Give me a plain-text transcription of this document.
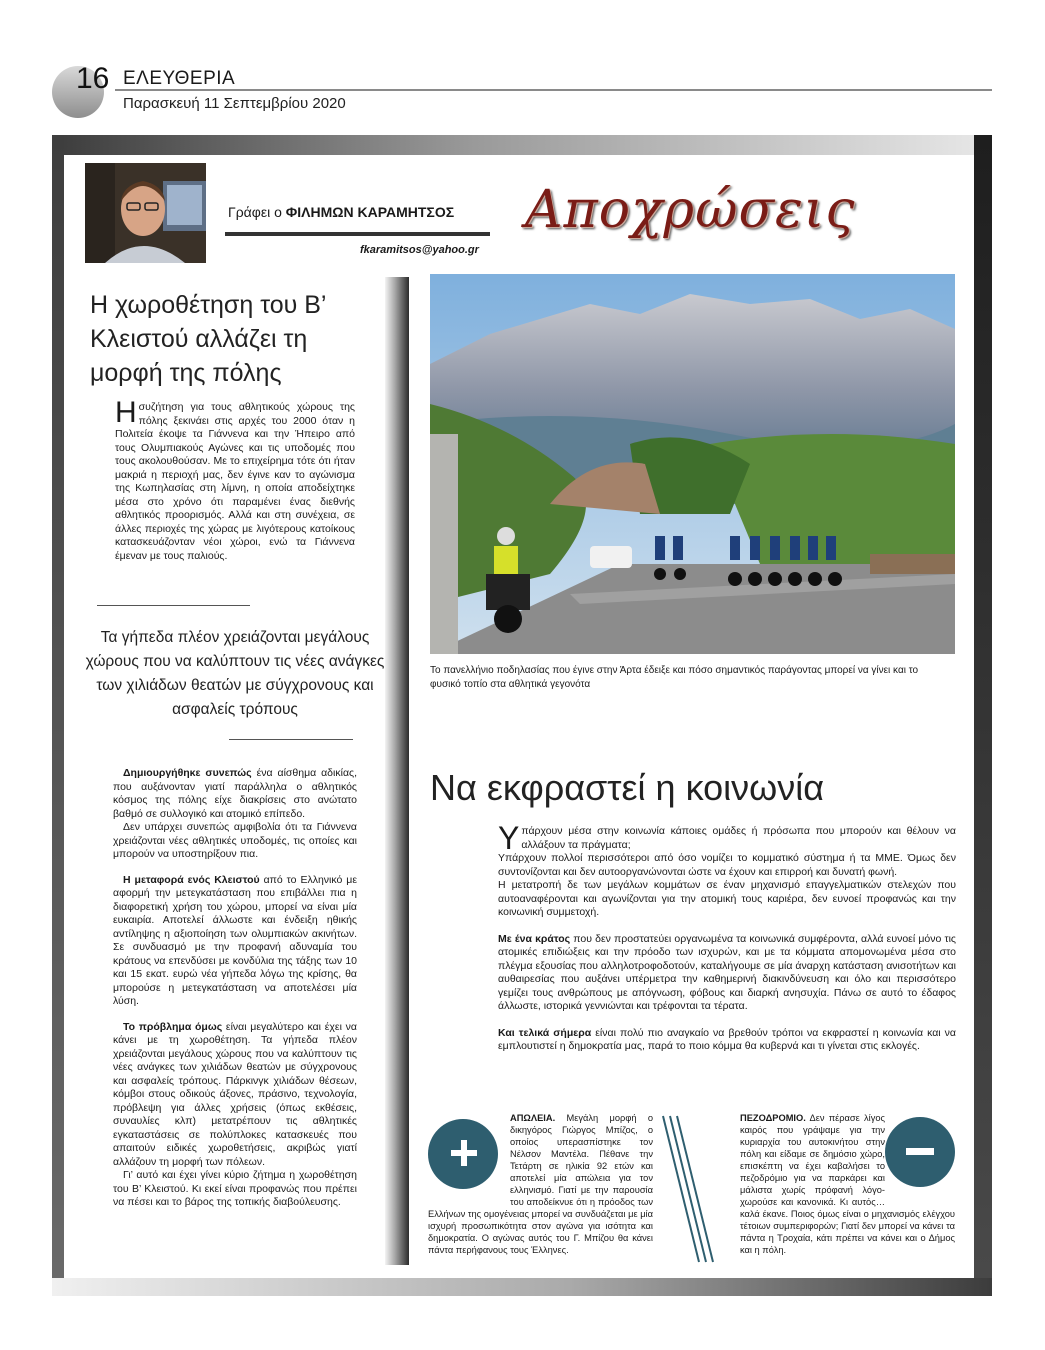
16 ΕΛΕΥΘΕΡΙΑ
Παρασκευή 11 Σεπτεμβρίου 2020
Γράφει ο ΦΙΛΗΜΩΝ ΚΑΡΑΜΗΤΣΟΣ
fkaramitsos@yahoo.gr
Αποχρώσεις
Η χωροθέτηση του Β’ Κλειστού αλλάζει τη μορφή της πόλης
Ησυζήτηση για τους αθλητικούς χώρους της πόλης ξεκινάει στις αρχές του 2000 όταν η Πολιτεία έκοψε τα Γιάννενα και την Ήπειρο από τους Ολυμπιακούς Αγώνες και τις υποδομές που τους ακολουθούσαν. Με το επιχείρημα τότε ότι ήταν μακριά η περιοχή μας, δεν έγινε καν το αγώνισμα της Κωπηλασίας στη λίμνη, η οποία αποδείχτηκε μέσα στο χρόνο ότι παραμένει ένας διεθνής αθλητικός προορισμός. Αλλά και στη συνέχεια, σε άλλες περιοχές της χώρας με λιγότερους κατοίκους κατασκευάζονταν νέοι χώροι, ενώ τα Γιάννενα έμεναν με τους παλιούς.
Τα γήπεδα πλέον χρειάζονται μεγάλους χώρους που να καλύπτουν τις νέες ανάγκες των χιλιάδων θεατών με σύγχρονους και ασφαλείς τρόπους

Δημιουργήθηκε συνεπώς ένα αίσθημα αδικίας, που αυξάνονταν γιατί παράλληλα ο αθλητικός κόσμος της πόλης είχε διακρίσεις στο ανώτατο βαθμό σε συλλογικό και ατομικό επίπεδο.

Δεν υπάρχει συνεπώς αμφιβολία ότι τα Γιάννενα χρειάζονται νέες αθλητικές υποδομές, τις οποίες και μπορούν να υποστηρίξουν πια.

Η μεταφορά ενός Κλειστού από το Ελληνικό με αφορμή την μετεγκατάσταση που επιβάλλει πια η διαφορετική χρήση του χώρου, μπορεί να είναι μία ευκαιρία. Αποτελεί άλλωστε και ένδειξη ηθικής αντίληψης η αξιοποίηση των ολυμπιακών ακινήτων. Σε συνδυασμό με την προφανή αδυναμία του κράτους να επενδύσει με κονδύλια της τάξης των 10 και 15 εκατ. ευρώ νέα γήπεδα λόγω της κρίσης, θα μπορούσε η μετεγκατάσταση να αποτελέσει μία λύση.

Το πρόβλημα όμως είναι μεγαλύτερο και έχει να κάνει με τη χωροθέτηση. Τα γήπεδα πλέον χρειάζονται μεγάλους χώρους που να καλύπτουν τις νέες ανάγκες των χιλιάδων θεατών με σύγχρονους και ασφαλείς τρόπους. Πάρκινγκ χιλιάδων θέσεων, κόμβοι στους οδικούς άξονες, πράσινο, τεχνολογία, πρόβλεψη για άλλες χρήσεις (όπως εκθέσεις, συναυλίες κλπ) μετατρέπουν τις αθλητικές εγκαταστάσεις σε πολύπλοκες κατασκευές που απαιτούν ειδικές χωροθετήσεις, ακριβώς γιατί αλλάζουν τη μορφή των πόλεων.

Γι’ αυτό και έχει γίνει κύριο ζήτημα η χωροθέτηση του Β’ Κλειστού. Κι εκεί είναι προφανώς που πρέπει να πέσει και το βάρος της τοπικής διαβούλευσης.

Το πανελλήνιο ποδηλασίας που έγινε στην Άρτα έδειξε και πόσο σημαντικός παράγοντας μπορεί να γίνει και το φυσικό τοπίο στα αθλητικά γεγονότα
Να εκφραστεί η κοινωνία

Υπάρχουν μέσα στην κοινωνία κάποιες ομάδες ή πρόσωπα που μπορούν και θέλουν να αλλάξουν τα πράγματα;

Υπάρχουν πολλοί περισσότεροι από όσο νομίζει το κομματικό σύστημα ή τα ΜΜΕ. Όμως δεν συντονίζονται και δεν αυτοοργανώνονται ώστε να έχουν και επιρροή και δυνατή φωνή.

Η μετατροπή δε των μεγάλων κομμάτων σε έναν μηχανισμό επαγγελματικών στελεχών που αυτοαναφέρονται και αγωνίζονται για την ατομική τους καριέρα, δεν ευνοεί προφανώς και την κοινωνική συμμετοχή.

Με ένα κράτος που δεν προστατεύει οργανωμένα τα κοινωνικά συμφέροντα, αλλά ευνοεί μόνο τις ατομικές επιδιώξεις και την πρόοδο των ισχυρών, και με τα κόμματα απομονωμένα μέσα στο πλέγμα εξουσίας που αλληλοτροφοδοτούν, καταλήγουμε σε μία άναρχη κατάσταση ανισοτήτων και αυθαιρεσίας που αυξάνει υπέρμετρα την καθημερινή διακινδύνευση και όλο και περισσότερο γεμίζει τους ανθρώπους με απόγνωση, φόβους και διαρκή ανησυχία. Πάνω σε αυτό το έδαφος άλλωστε, ιστορικά γεννιώνται και τρέφονται τα τέρατα.

Και τελικά σήμερα είναι πολύ πιο αναγκαίο να βρεθούν τρόποι να εκφραστεί η κοινωνία και να εμπλουτιστεί η δημοκρατία μας, παρά το ποιο κόμμα θα κυβερνά και τι γίνεται στις εκλογές.

ΑΠΩΛΕΙΑ. Μεγάλη μορφή ο δικηγόρος Γιώργος Μπίζος, ο οποίος υπερασπίστηκε τον Νέλσον Μαντέλα. Πέθανε την Τετάρτη σε ηλικία 92 ετών και αποτελεί μία απώλεια για τον ελληνισμό. Γιατί με την παρουσία του αποδείκνυε ότι η πρόοδος των Ελλήνων της ομογένειας μπορεί να συνδυάζεται με μία ισχυρή προσωπικότητα στον αγώνα για ισότητα και δημοκρατία. Ο αγώνας αυτός του Γ. Μπίζου θα κάνει πάντα περήφανους τους Έλληνες.
ΠΕΖΟΔΡΟΜΙΟ. Δεν πέρασε λίγος καιρός που γράψαμε για την κυριαρχία του αυτοκινήτου στην πόλη και είδαμε σε δημόσιο χώρο, επισκέπτη να έχει καβαλήσει το πεζοδρόμιο για να παρκάρει και μάλιστα χωρίς πρόφανή λόγο- χωρούσε και κανονικά. Κι αυτός… καλά έκανε. Ποιος όμως είναι ο μηχανισμός ελέγχου τέτοιων συμπεριφορών; Γιατί δεν μπορεί να κάνει τα πάντα η Τροχαία, κάτι πρέπει να κάνει και ο Δήμος και η πόλη.
